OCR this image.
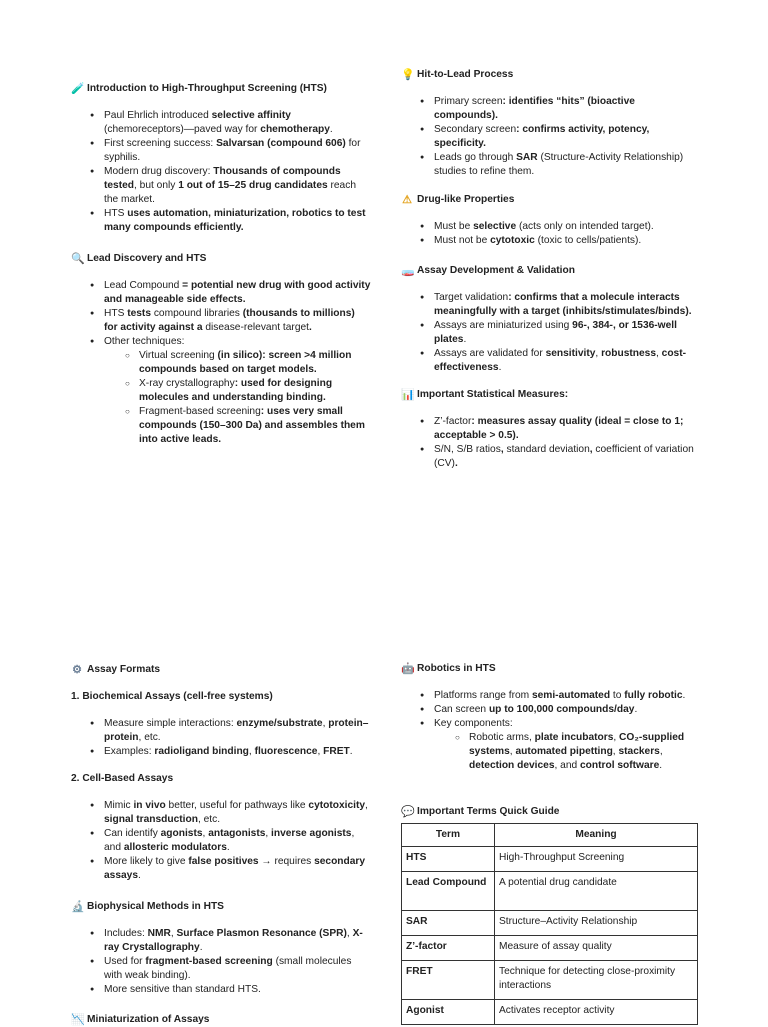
🧪 Introduction to High-Throughput Screening (HTS)
● Paul Ehrlich introduced selective affinity (chemoreceptors)—paved way for chemotherapy.
● First screening success: Salvarsan (compound 606) for syphilis.
● Modern drug discovery: Thousands of compounds tested, but only 1 out of 15–25 drug candidates reach the market.
● HTS uses automation, miniaturization, robotics to test many compounds efficiently.
🔍 Lead Discovery and HTS
● Lead Compound = potential new drug with good activity and manageable side effects.
● HTS tests compound libraries (thousands to millions) for activity against a disease-relevant target.
● Other techniques:
○ Virtual screening (in silico): screen >4 million compounds based on target models.
○ X-ray crystallography: used for designing molecules and understanding binding.
○ Fragment-based screening: uses very small compounds (150–300 Da) and assembles them into active leads.
💡 Hit-to-Lead Process
● Primary screen: identifies “hits” (bioactive compounds).
● Secondary screen: confirms activity, potency, specificity.
● Leads go through SAR (Structure-Activity Relationship) studies to refine them.
⚠ Drug-like Properties
● Must be selective (acts only on intended target).
● Must not be cytotoxic (toxic to cells/patients).
🧫 Assay Development & Validation
● Target validation: confirms that a molecule interacts meaningfully with a target (inhibits/stimulates/binds).
● Assays are miniaturized using 96-, 384-, or 1536-well plates.
● Assays are validated for sensitivity, robustness, cost-effectiveness.
📊 Important Statistical Measures:
● Z’-factor: measures assay quality (ideal = close to 1; acceptable > 0.5).
● S/N, S/B ratios, standard deviation, coefficient of variation (CV).
⚙ Assay Formats
1. Biochemical Assays (cell-free systems)
● Measure simple interactions: enzyme/substrate, protein–protein, etc.
● Examples: radioligand binding, fluorescence, FRET.
2. Cell-Based Assays
● Mimic in vivo better, useful for pathways like cytotoxicity, signal transduction, etc.
● Can identify agonists, antagonists, inverse agonists, and allosteric modulators.
● More likely to give false positives → requires secondary assays.
🔬 Biophysical Methods in HTS
● Includes: NMR, Surface Plasmon Resonance (SPR), X-ray Crystallography.
● Used for fragment-based screening (small molecules with weak binding).
● More sensitive than standard HTS.
📉 Miniaturization of Assays
🤖 Robotics in HTS
● Platforms range from semi-automated to fully robotic.
● Can screen up to 100,000 compounds/day.
● Key components:
○ Robotic arms, plate incubators, CO₂-supplied systems, automated pipetting, stackers, detection devices, and control software.
💬 Important Terms Quick Guide
Term	Meaning
HTS	High-Throughput Screening
Lead Compound	A potential drug candidate
SAR	Structure–Activity Relationship
Z’-factor	Measure of assay quality
FRET	Technique for detecting close-proximity interactions
Agonist	Activates receptor activity
